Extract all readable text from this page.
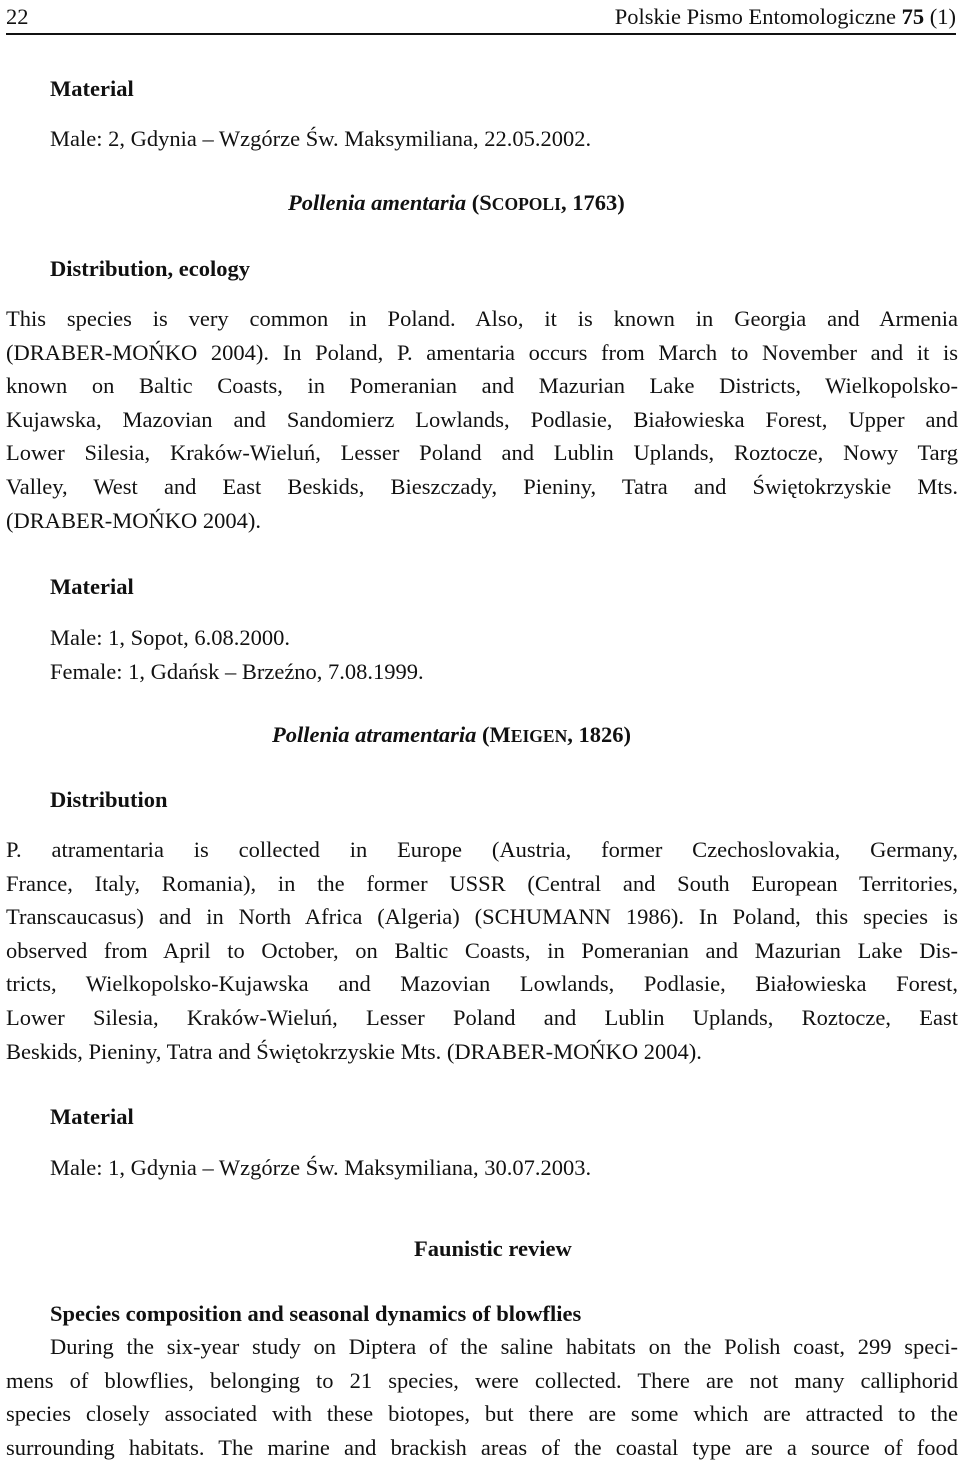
22	Polskie Pismo Entomologiczne 75 (1)
Material
Male: 2, Gdynia – Wzgórze Św. Maksymiliana, 22.05.2002.
Pollenia amentaria (SCOPOLI, 1763)
Distribution, ecology
This species is very common in Poland. Also, it is known in Georgia and Armenia
(DRABER-MOŃKO 2004). In Poland, P. amentaria occurs from March to November and it is
known on Baltic Coasts, in Pomeranian and Mazurian Lake Districts, Wielkopolsko-
Kujawska, Mazovian and Sandomierz Lowlands, Podlasie, Białowieska Forest, Upper and
Lower Silesia, Kraków-Wieluń, Lesser Poland and Lublin Uplands, Roztocze, Nowy Targ
Valley, West and East Beskids, Bieszczady, Pieniny, Tatra and Świętokrzyskie Mts.
(DRABER-MOŃKO 2004).
Material
Male: 1, Sopot, 6.08.2000.
Female: 1, Gdańsk – Brzeźno, 7.08.1999.
Pollenia atramentaria (MEIGEN, 1826)
Distribution
P. atramentaria is collected in Europe (Austria, former Czechoslovakia, Germany,
France, Italy, Romania), in the former USSR (Central and South European Territories,
Transcaucasus) and in North Africa (Algeria) (SCHUMANN 1986). In Poland, this species is
observed from April to October, on Baltic Coasts, in Pomeranian and Mazurian Lake Dis-
tricts, Wielkopolsko-Kujawska and Mazovian Lowlands, Podlasie, Białowieska Forest,
Lower Silesia, Kraków-Wieluń, Lesser Poland and Lublin Uplands, Roztocze, East
Beskids, Pieniny, Tatra and Świętokrzyskie Mts. (DRABER-MOŃKO 2004).
Material
Male: 1, Gdynia – Wzgórze Św. Maksymiliana, 30.07.2003.
Faunistic review
Species composition and seasonal dynamics of blowflies
During the six-year study on Diptera of the saline habitats on the Polish coast, 299 speci-
mens of blowflies, belonging to 21 species, were collected. There are not many calliphorid
species closely associated with these biotopes, but there are some which are attracted to the
surrounding habitats. The marine and brackish areas of the coastal type are a source of food
